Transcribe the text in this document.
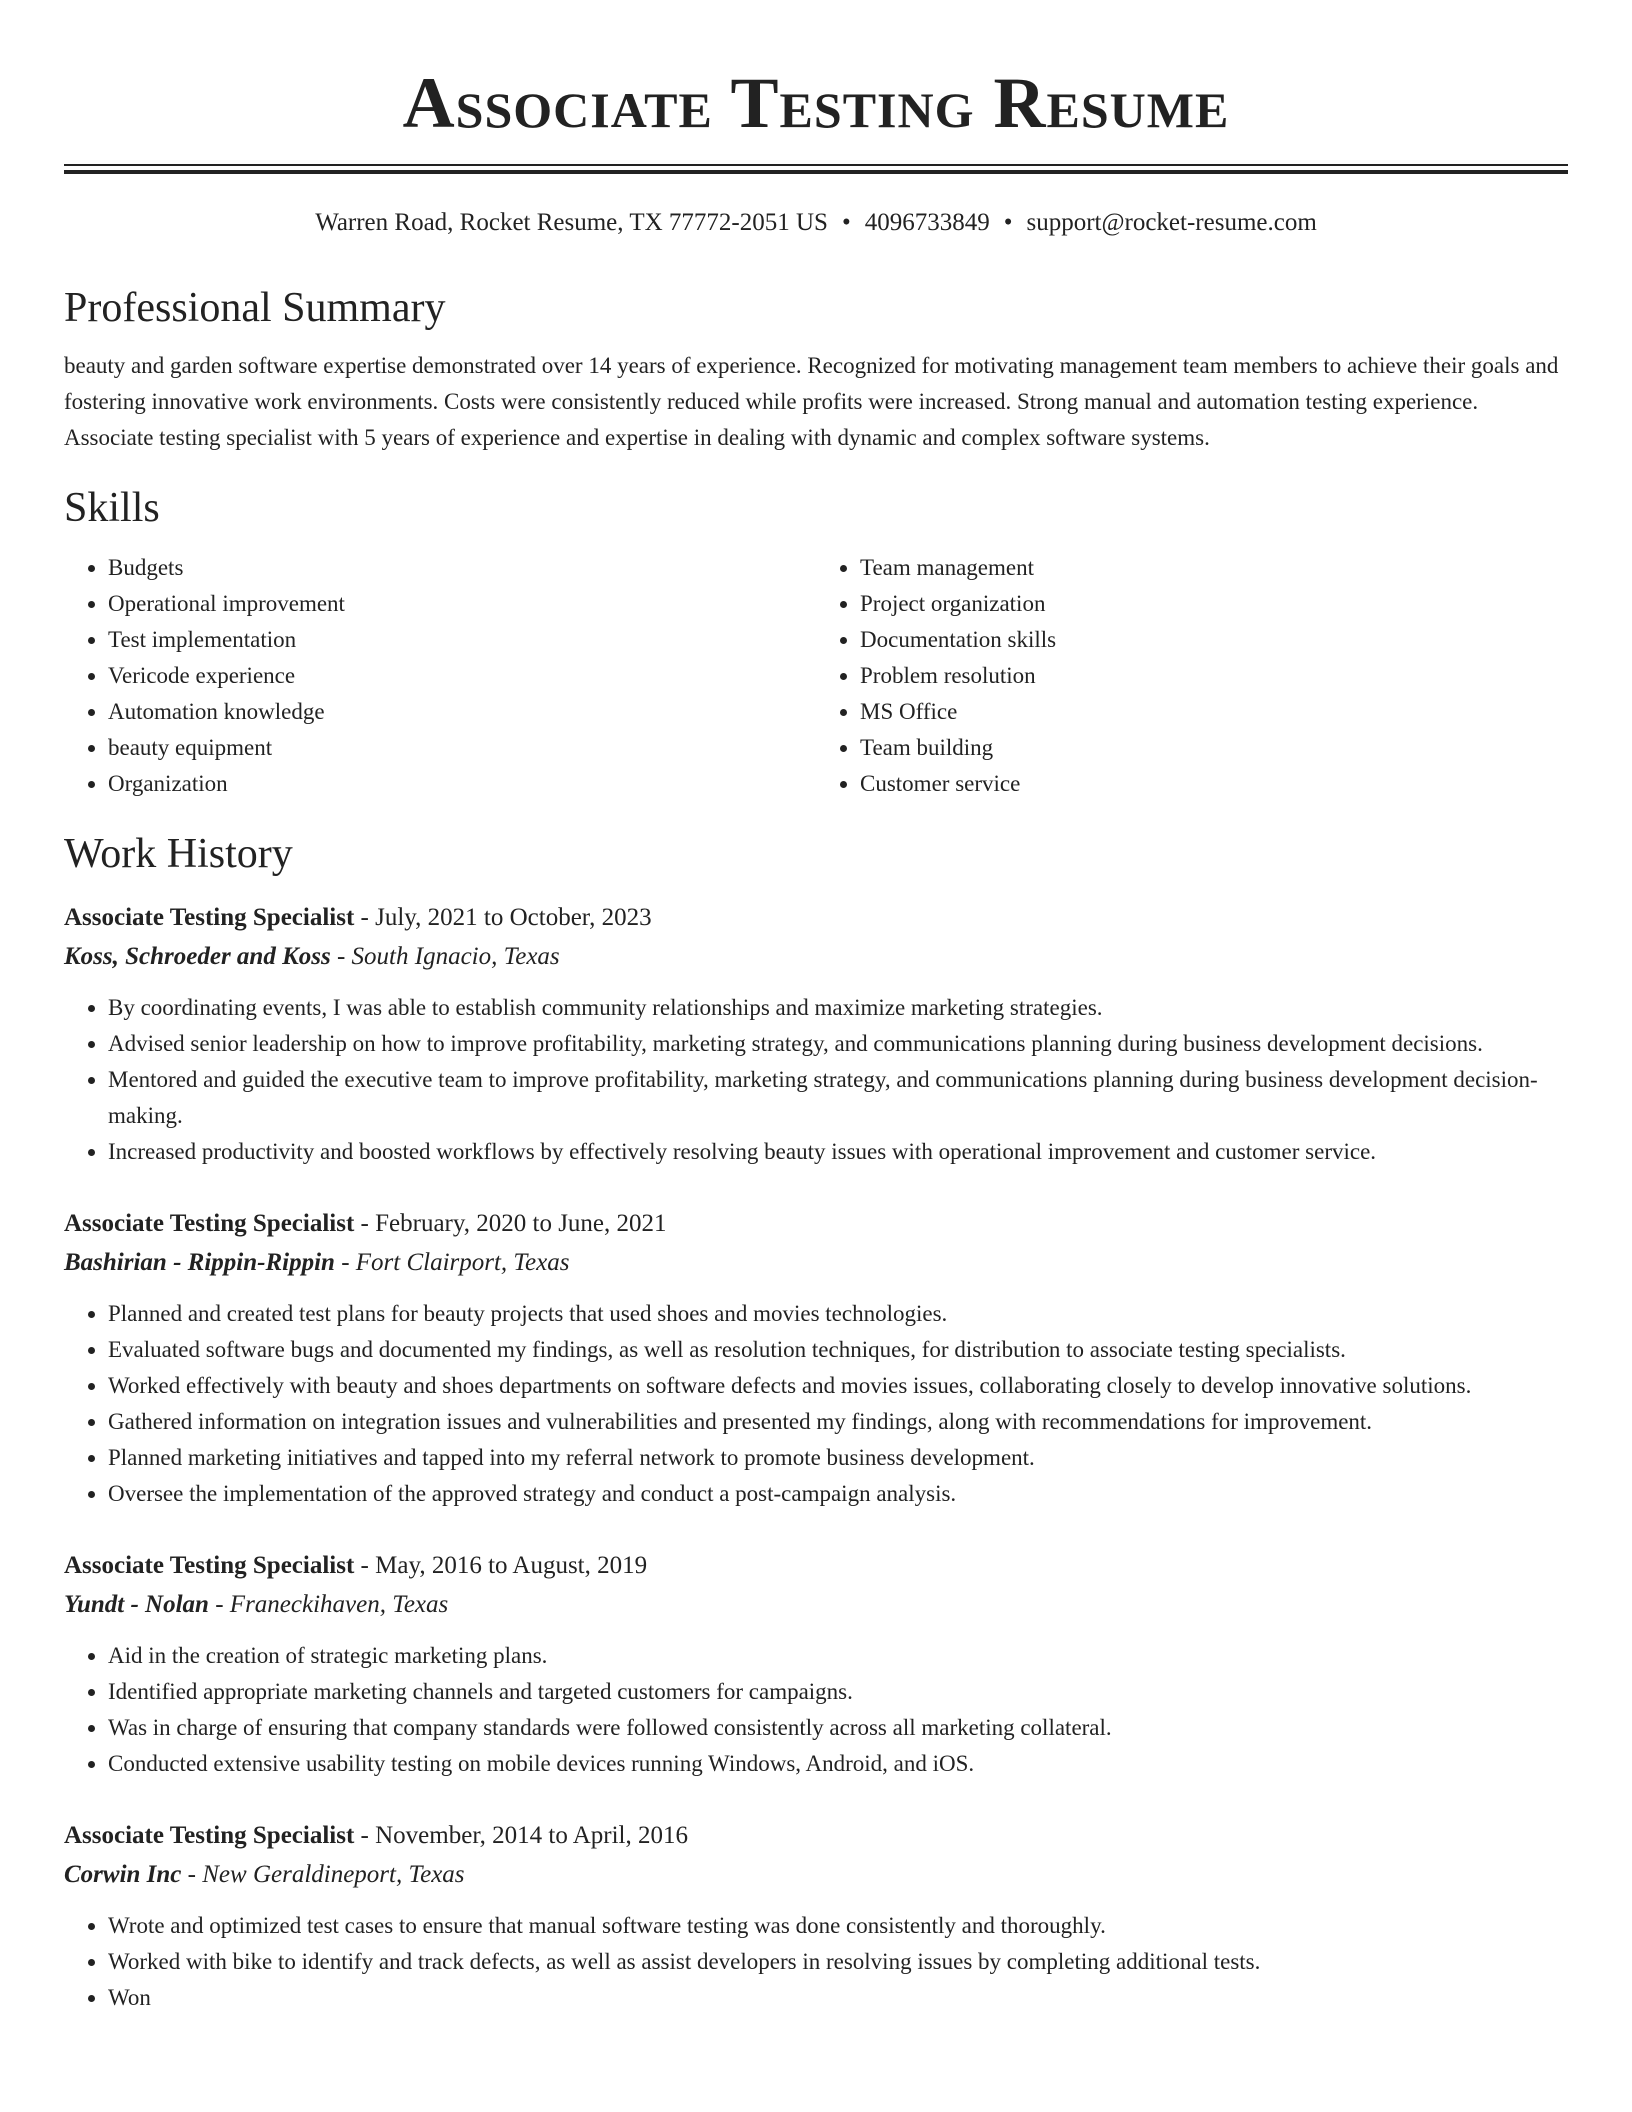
Associate Testing Resume
Warren Road, Rocket Resume, TX 77772-2051 US • 4096733849 • support@rocket-resume.com
Professional Summary

beauty and garden software expertise demonstrated over 14 years of experience. Recognized for motivating management team members to achieve their goals and fostering innovative work environments. Costs were consistently reduced while profits were increased. Strong manual and automation testing experience. Associate testing specialist with 5 years of experience and expertise in dealing with dynamic and complex software systems.

Skills
• Budgets
• Operational improvement
• Test implementation
• Vericode experience
• Automation knowledge
• beauty equipment
• Organization
• Team management
• Project organization
• Documentation skills
• Problem resolution
• MS Office
• Team building
• Customer service
Work History
Associate Testing Specialist - July, 2021 to October, 2023
Koss, Schroeder and Koss - South Ignacio, Texas
• By coordinating events, I was able to establish community relationships and maximize marketing strategies.
• Advised senior leadership on how to improve profitability, marketing strategy, and communications planning during business development decisions.
• Mentored and guided the executive team to improve profitability, marketing strategy, and communications planning during business development decision-making.
• Increased productivity and boosted workflows by effectively resolving beauty issues with operational improvement and customer service.
Associate Testing Specialist - February, 2020 to June, 2021
Bashirian - Rippin-Rippin - Fort Clairport, Texas
• Planned and created test plans for beauty projects that used shoes and movies technologies.
• Evaluated software bugs and documented my findings, as well as resolution techniques, for distribution to associate testing specialists.
• Worked effectively with beauty and shoes departments on software defects and movies issues, collaborating closely to develop innovative solutions.
• Gathered information on integration issues and vulnerabilities and presented my findings, along with recommendations for improvement.
• Planned marketing initiatives and tapped into my referral network to promote business development.
• Oversee the implementation of the approved strategy and conduct a post-campaign analysis.
Associate Testing Specialist - May, 2016 to August, 2019
Yundt - Nolan - Franeckihaven, Texas
• Aid in the creation of strategic marketing plans.
• Identified appropriate marketing channels and targeted customers for campaigns.
• Was in charge of ensuring that company standards were followed consistently across all marketing collateral.
• Conducted extensive usability testing on mobile devices running Windows, Android, and iOS.
Associate Testing Specialist - November, 2014 to April, 2016
Corwin Inc - New Geraldineport, Texas
• Wrote and optimized test cases to ensure that manual software testing was done consistently and thoroughly.
• Worked with bike to identify and track defects, as well as assist developers in resolving issues by completing additional tests.
• Won
